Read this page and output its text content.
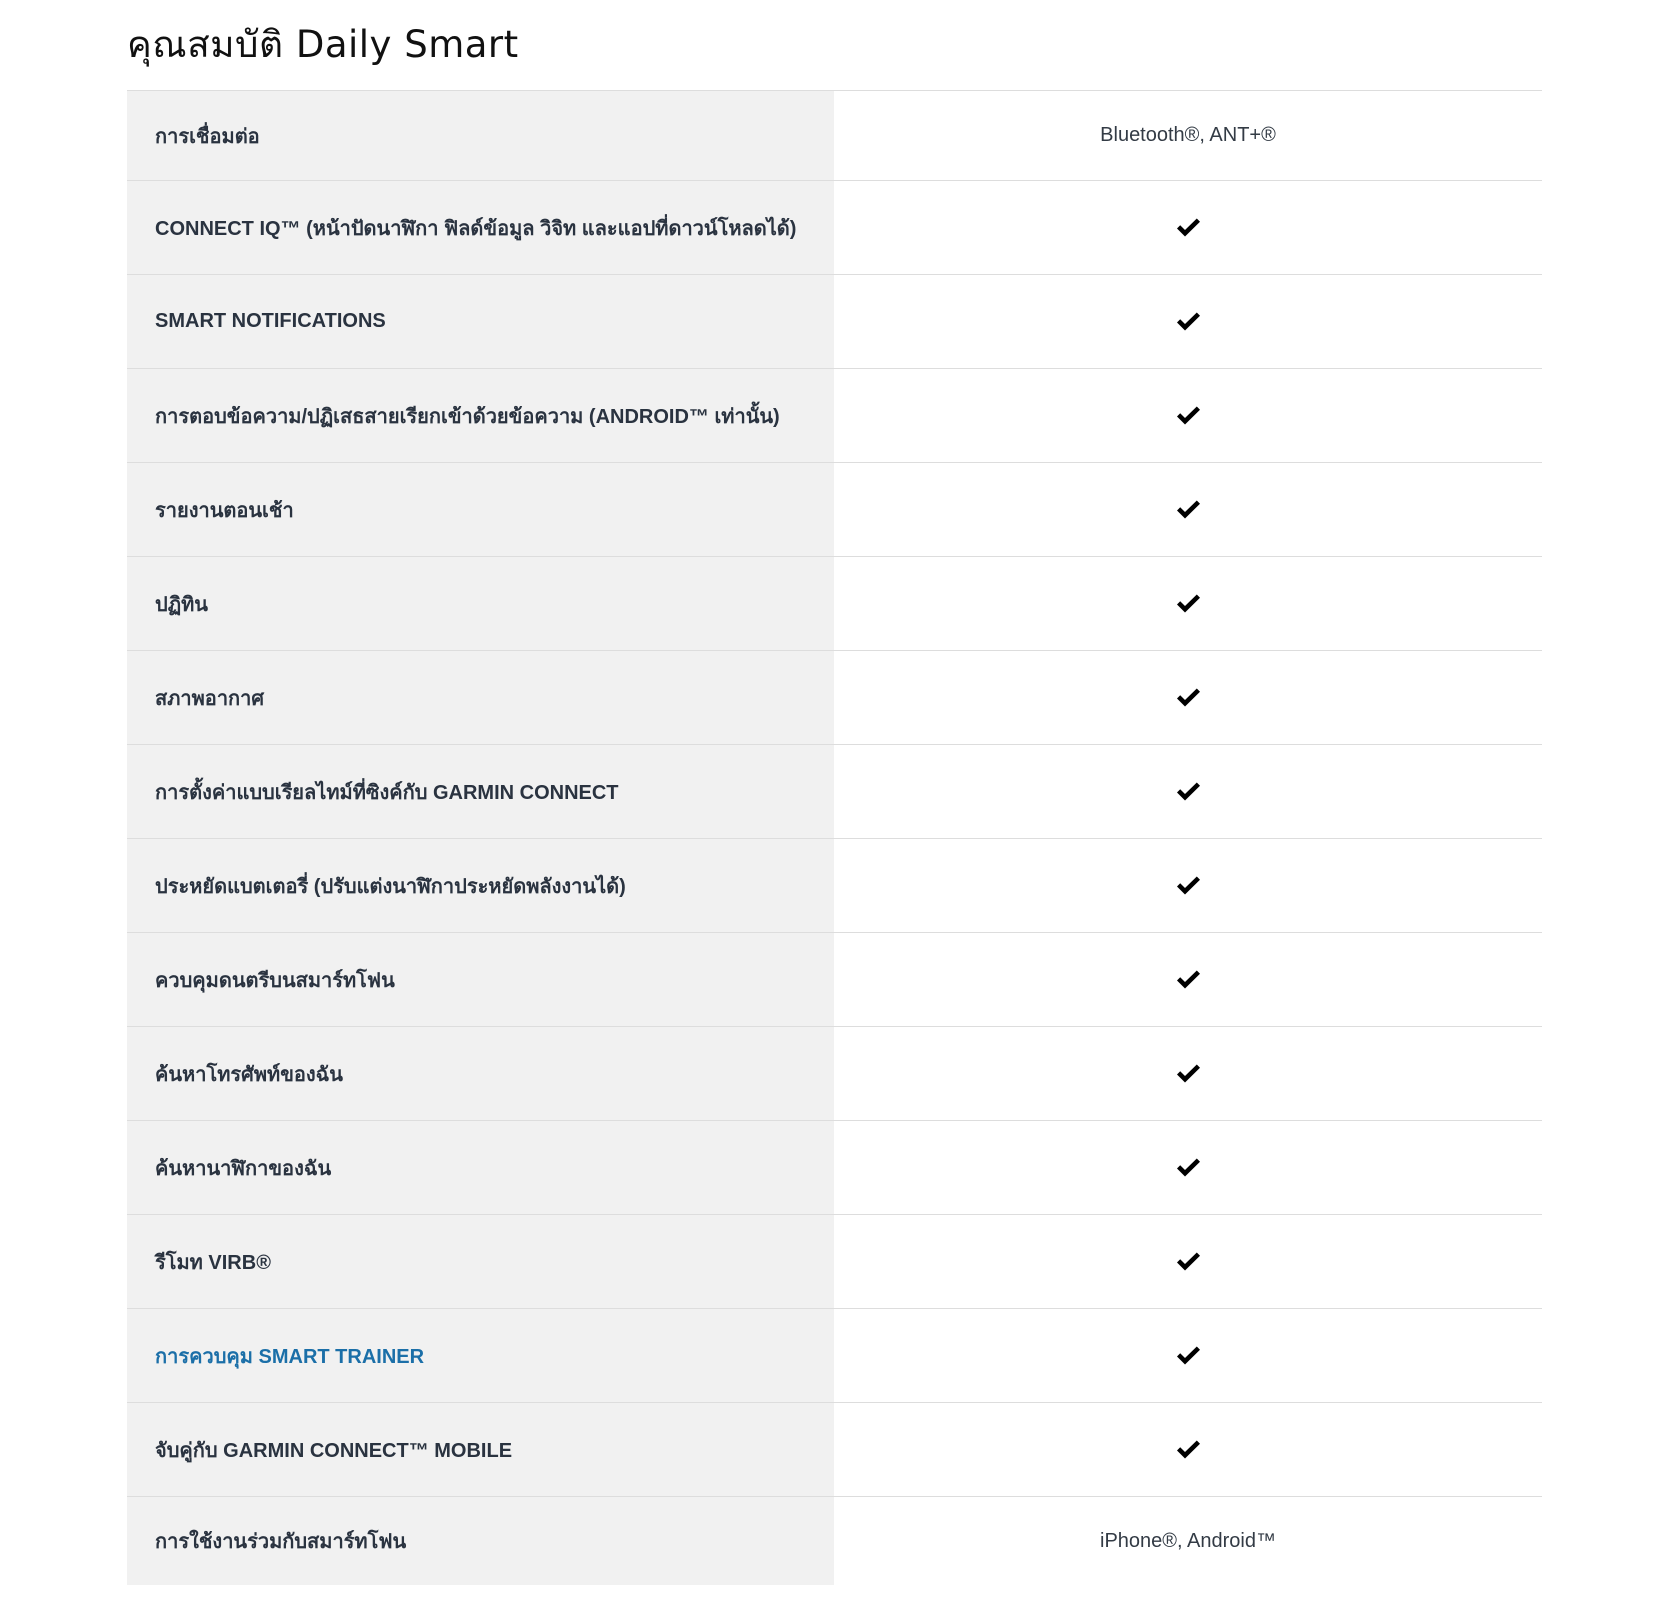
คุณสมบัติ Daily Smart
การเชื่อมต่อ	Bluetooth®, ANT+®
CONNECT IQ™ (หน้าปัดนาฬิกา ฟิลด์ข้อมูล วิจิท และแอปที่ดาวน์โหลดได้)
SMART NOTIFICATIONS
การตอบข้อความ/ปฏิเสธสายเรียกเข้าด้วยข้อความ (ANDROID™ เท่านั้น)
รายงานตอนเช้า
ปฏิทิน
สภาพอากาศ
การตั้งค่าแบบเรียลไทม์ที่ซิงค์กับ GARMIN CONNECT
ประหยัดแบตเตอรี่ (ปรับแต่งนาฬิกาประหยัดพลังงานได้)
ควบคุมดนตรีบนสมาร์ทโฟน
ค้นหาโทรศัพท์ของฉัน
ค้นหานาฬิกาของฉัน
รีโมท VIRB®
การควบคุม SMART TRAINER
จับคู่กับ GARMIN CONNECT™ MOBILE
การใช้งานร่วมกับสมาร์ทโฟน	iPhone®, Android™
